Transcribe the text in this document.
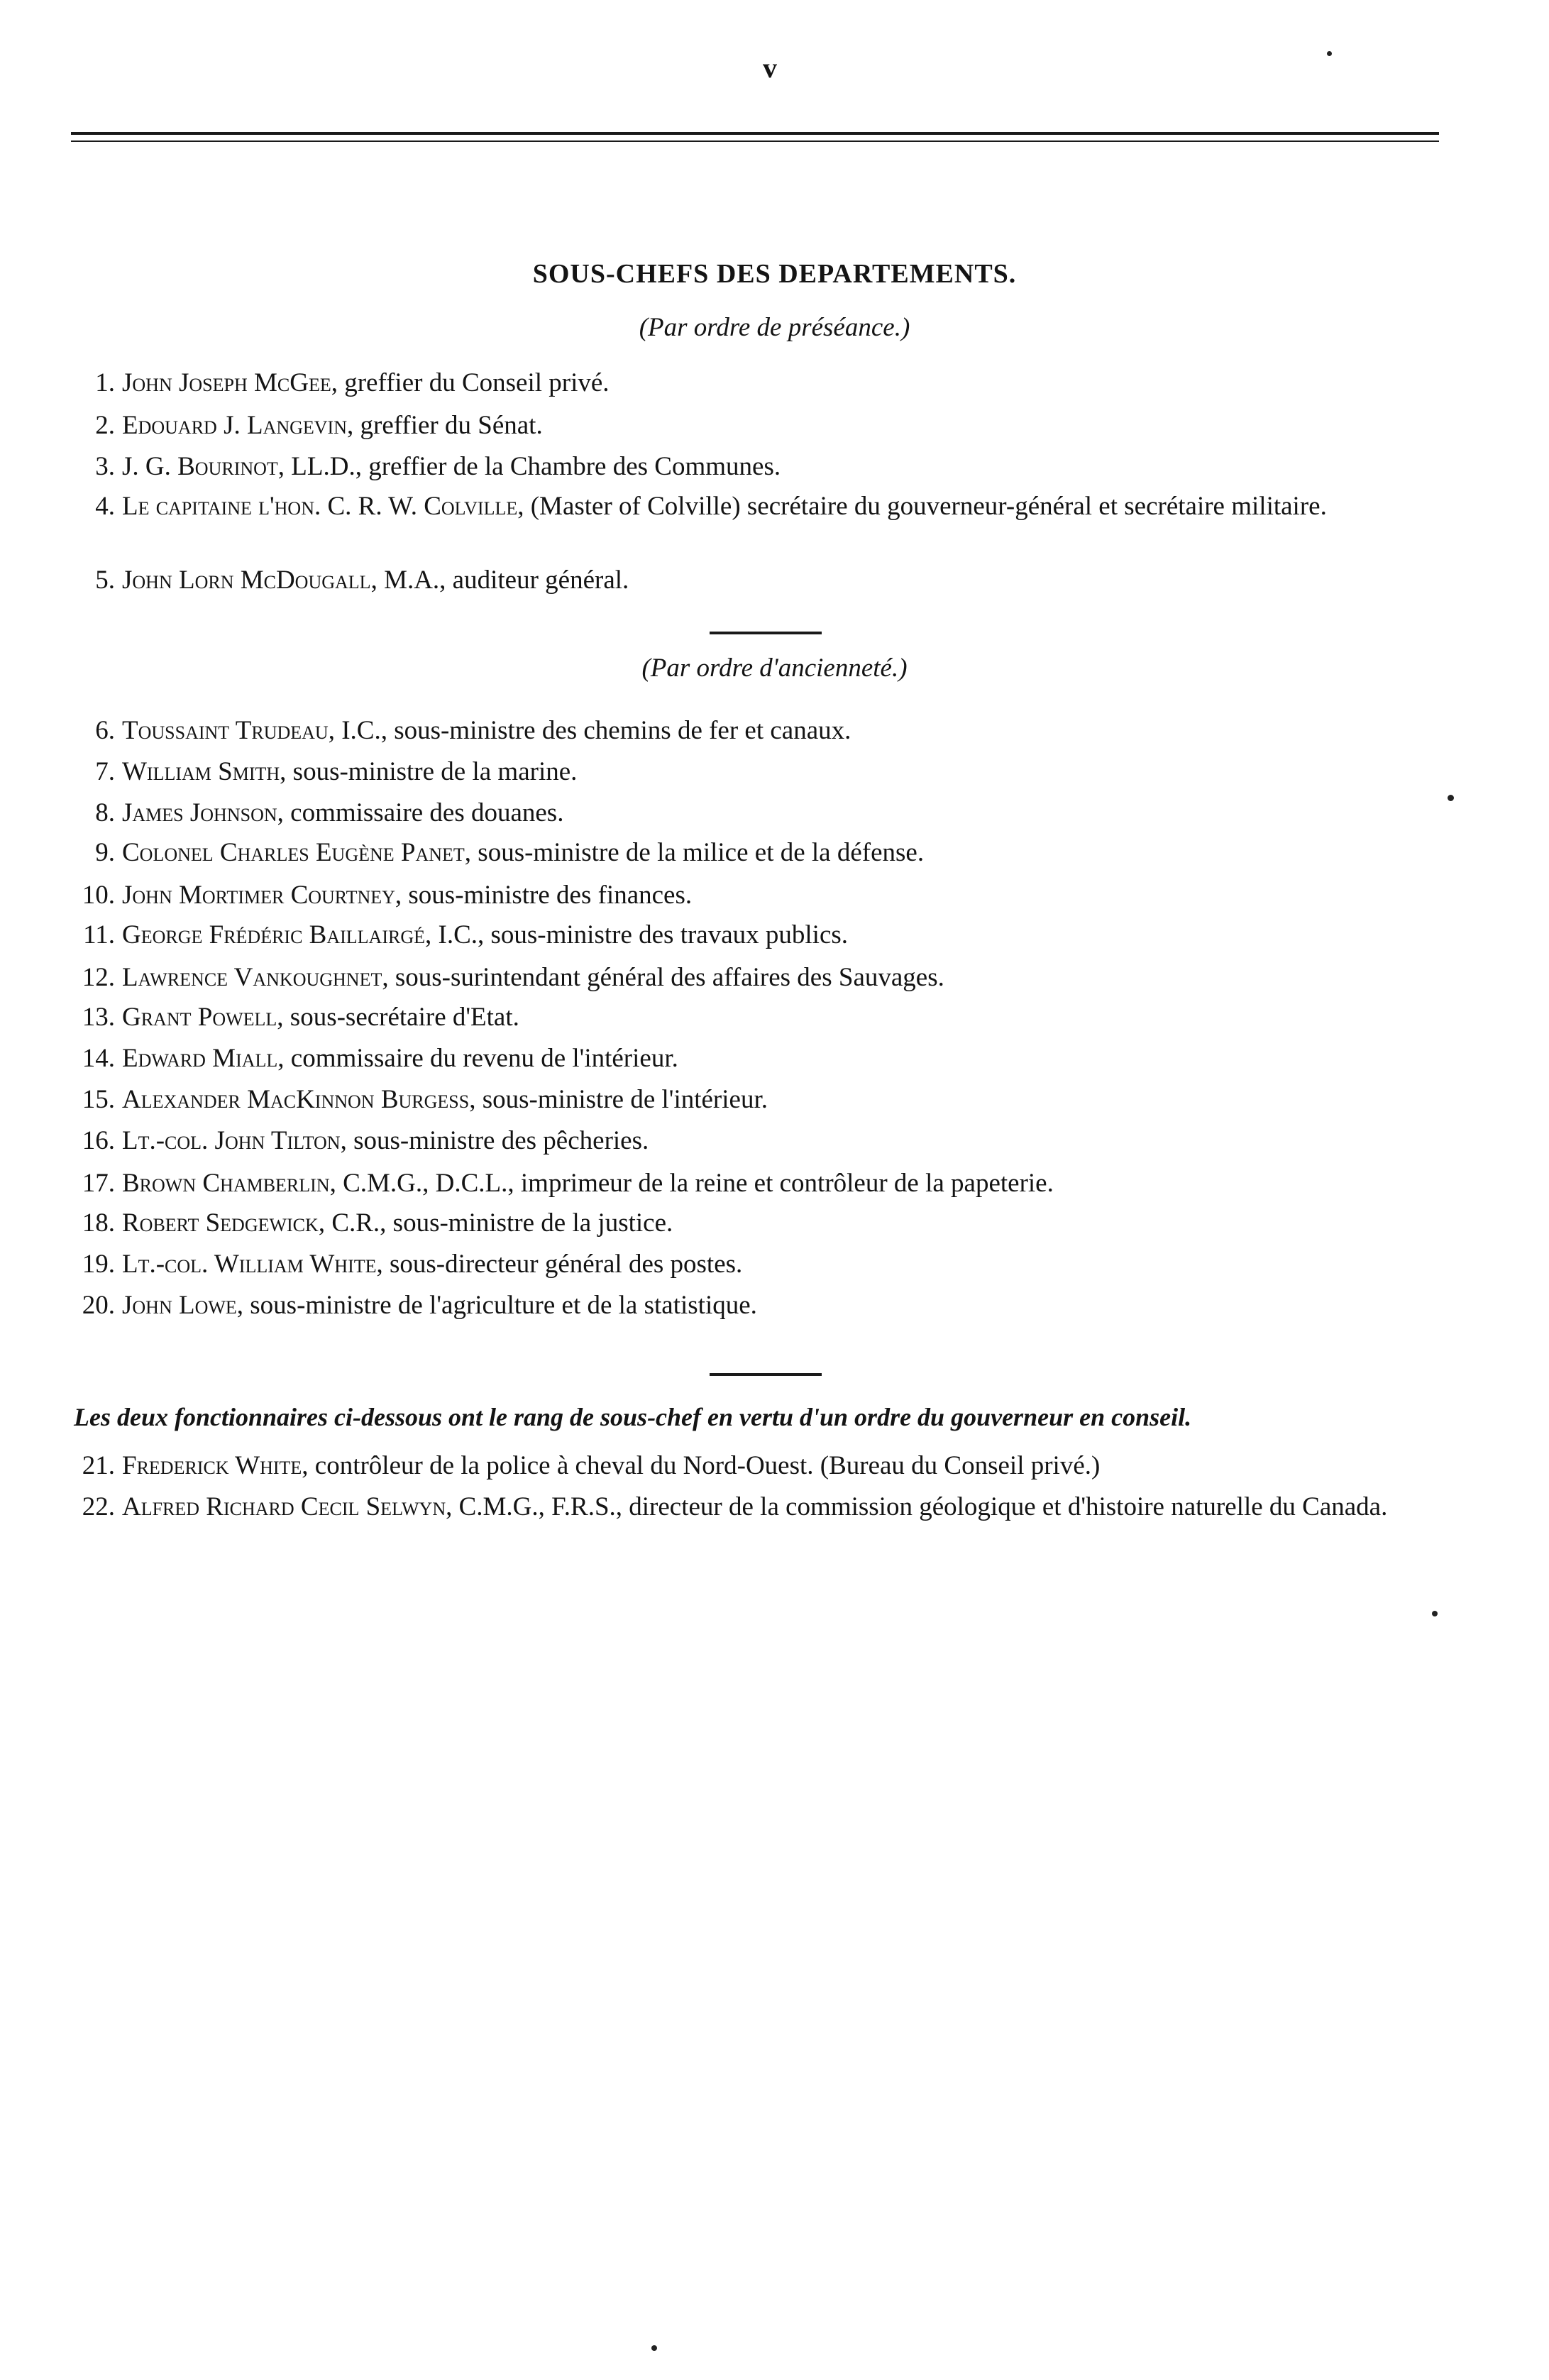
v
SOUS-CHEFS DES DEPARTEMENTS.
(Par ordre de préséance.)
(Par ordre d'ancienneté.)
Les deux fonctionnaires ci-dessous ont le rang de sous-chef en vertu d'un ordre du gouverneur en conseil.
1. John Joseph McGee, greffier du Conseil privé.
2. Edouard J. Langevin, greffier du Sénat.
3. J. G. Bourinot, LL.D., greffier de la Chambre des Communes.
4. Le capitaine l'hon. C. R. W. Colville, (Master of Colville) secrétaire du gouverneur-général et secrétaire militaire.
5. John Lorn McDougall, M.A., auditeur général.
6. Toussaint Trudeau, I.C., sous-ministre des chemins de fer et canaux.
7. William Smith, sous-ministre de la marine.
8. James Johnson, commissaire des douanes.
9. Colonel Charles Eugène Panet, sous-ministre de la milice et de la défense.
10. John Mortimer Courtney, sous-ministre des finances.
11. George Frédéric Baillairgé, I.C., sous-ministre des travaux publics.
12. Lawrence Vankoughnet, sous-surintendant général des affaires des Sauvages.
13. Grant Powell, sous-secrétaire d'Etat.
14. Edward Miall, commissaire du revenu de l'intérieur.
15. Alexander MacKinnon Burgess, sous-ministre de l'intérieur.
16. Lt.-col. John Tilton, sous-ministre des pêcheries.
17. Brown Chamberlin, C.M.G., D.C.L., imprimeur de la reine et contrôleur de la papeterie.
18. Robert Sedgewick, C.R., sous-ministre de la justice.
19. Lt.-col. William White, sous-directeur général des postes.
20. John Lowe, sous-ministre de l'agriculture et de la statistique.
21. Frederick White, contrôleur de la police à cheval du Nord-Ouest. (Bureau du Conseil privé.)
22. Alfred Richard Cecil Selwyn, C.M.G., F.R.S., directeur de la commission géologique et d'histoire naturelle du Canada.
